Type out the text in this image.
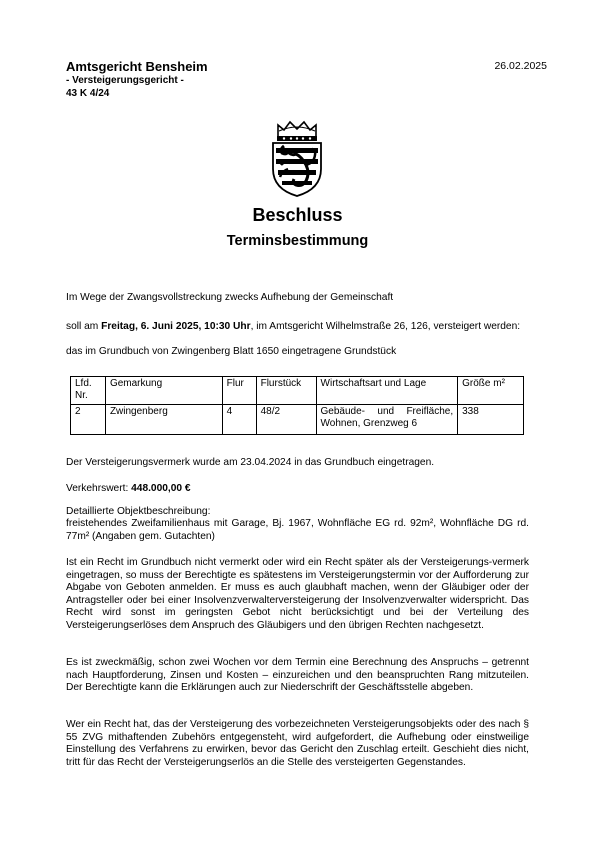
Amtsgericht Bensheim
- Versteigerungsgericht -
43 K 4/24
26.02.2025
Beschluss
Terminsbestimmung
Im Wege der Zwangsvollstreckung zwecks Aufhebung der Gemeinschaft
soll am Freitag, 6. Juni 2025, 10:30 Uhr, im Amtsgericht Wilhelmstraße 26, 126, versteigert werden:
das im Grundbuch von Zwingenberg Blatt 1650 eingetragene Grundstück
Lfd. Nr.	Gemarkung	Flur	Flurstück	Wirtschaftsart und Lage	Größe m²
2	Zwingenberg	4	48/2	Gebäude- und Freifläche, Wohnen, Grenzweg 6	338
Der Versteigerungsvermerk wurde am 23.04.2024 in das Grundbuch eingetragen.
Verkehrswert: 448.000,00 €
Detaillierte Objektbeschreibung:
freistehendes Zweifamilienhaus mit Garage, Bj. 1967, Wohnfläche EG rd. 92m², Wohnfläche DG rd. 77m² (Angaben gem. Gutachten)
Ist ein Recht im Grundbuch nicht vermerkt oder wird ein Recht später als der Versteigerungs-vermerk eingetragen, so muss der Berechtigte es spätestens im Versteigerungstermin vor der Aufforderung zur Abgabe von Geboten anmelden. Er muss es auch glaubhaft machen, wenn der Gläubiger oder der Antragsteller oder bei einer Insolvenzverwalterversteigerung der Insolvenzverwalter widerspricht. Das Recht wird sonst im geringsten Gebot nicht berücksichtigt und bei der Verteilung des Versteigerungserlöses dem Anspruch des Gläubigers und den übrigen Rechten nachgesetzt.
Es ist zweckmäßig, schon zwei Wochen vor dem Termin eine Berechnung des Anspruchs – getrennt nach Hauptforderung, Zinsen und Kosten – einzureichen und den beanspruchten Rang mitzuteilen. Der Berechtigte kann die Erklärungen auch zur Niederschrift der Geschäftsstelle abgeben.
Wer ein Recht hat, das der Versteigerung des vorbezeichneten Versteigerungsobjekts oder des nach § 55 ZVG mithaftenden Zubehörs entgegensteht, wird aufgefordert, die Aufhebung oder einstweilige Einstellung des Verfahrens zu erwirken, bevor das Gericht den Zuschlag erteilt. Geschieht dies nicht, tritt für das Recht der Versteigerungserlös an die Stelle des versteigerten Gegenstandes.
